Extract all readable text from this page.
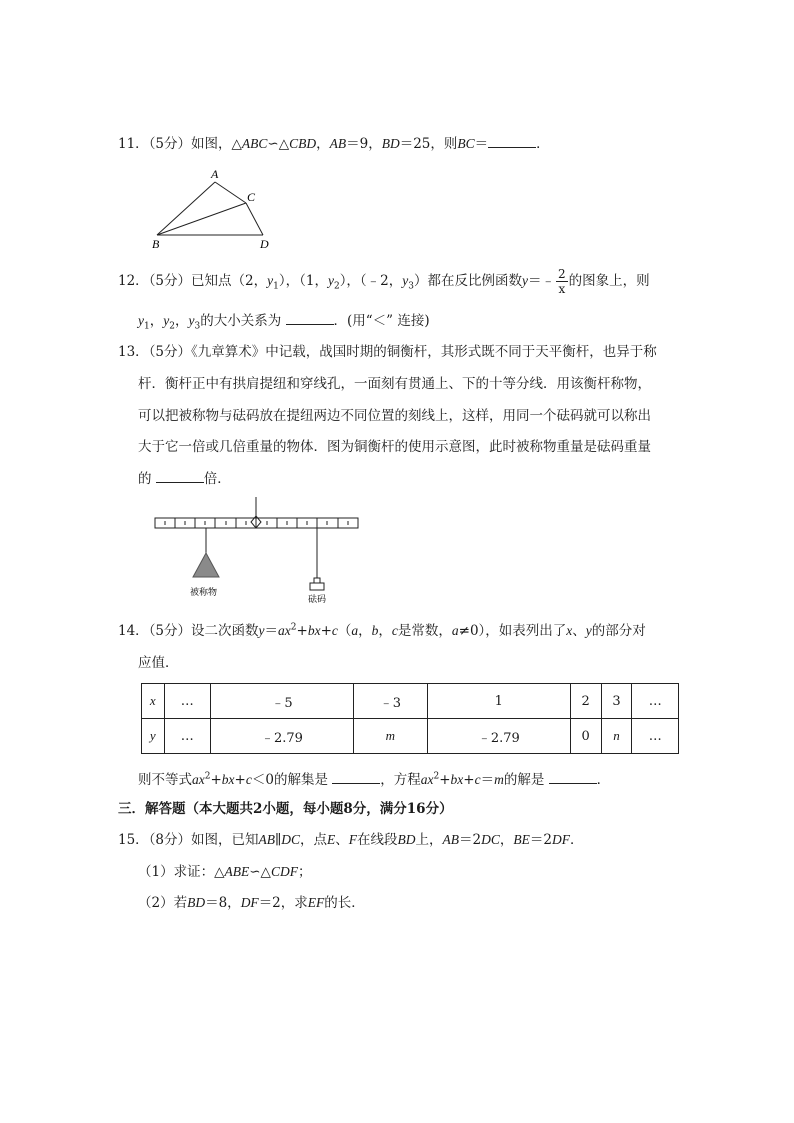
11．（5分）如图，△ABC∽△CBD，AB＝9，BD＝25，则BC＝	．
A
C
B	D
12．（5分）已知点（2，$y_1$），（1，$y_2$），（﹣2，$y_3$）都在反比例函数y＝﹣ $\frac{2}{x}$ 的图象上，则
$y_1$，$y_2$，$y_3$的大小关系为	．(用“＜” 连接)
13．（5分）《九章算术》中记载，战国时期的铜衡杆，其形式既不同于天平衡杆，也异于称
杆．衡杆正中有拱肩提纽和穿线孔，一面刻有贯通上、下的十等分线．用该衡杆称物，
可以把被称物与砝码放在提纽两边不同位置的刻线上，这样，用同一个砝码就可以称出
大于它一倍或几倍重量的物体．图为铜衡杆的使用示意图，此时被称物重量是砝码重量
的	倍．
被称物
砝码
14．（5分）设二次函数$y=ax^2+bx+c(a$，b，c是常数，a≠0），如表列出了x、y的部分对
应值．
x	…	﹣5	﹣3	1	2	3	…
y	…	﹣2.79	m	﹣2.79	0	n	…
则不等式$ax^2+bx+c<0$的解集是	，方程$ax^2+bx+c=m$的解是	．
三．解答题（本大题共2小题，每小题8分，满分16分）
15．（8分）如图，已知AB∥DC，点E、F在线段BD上，AB＝2DC，BE＝2DF．
（1）求证：△ABE∽△CDF；
（2）若BD＝8，DF＝2，求EF的长．
